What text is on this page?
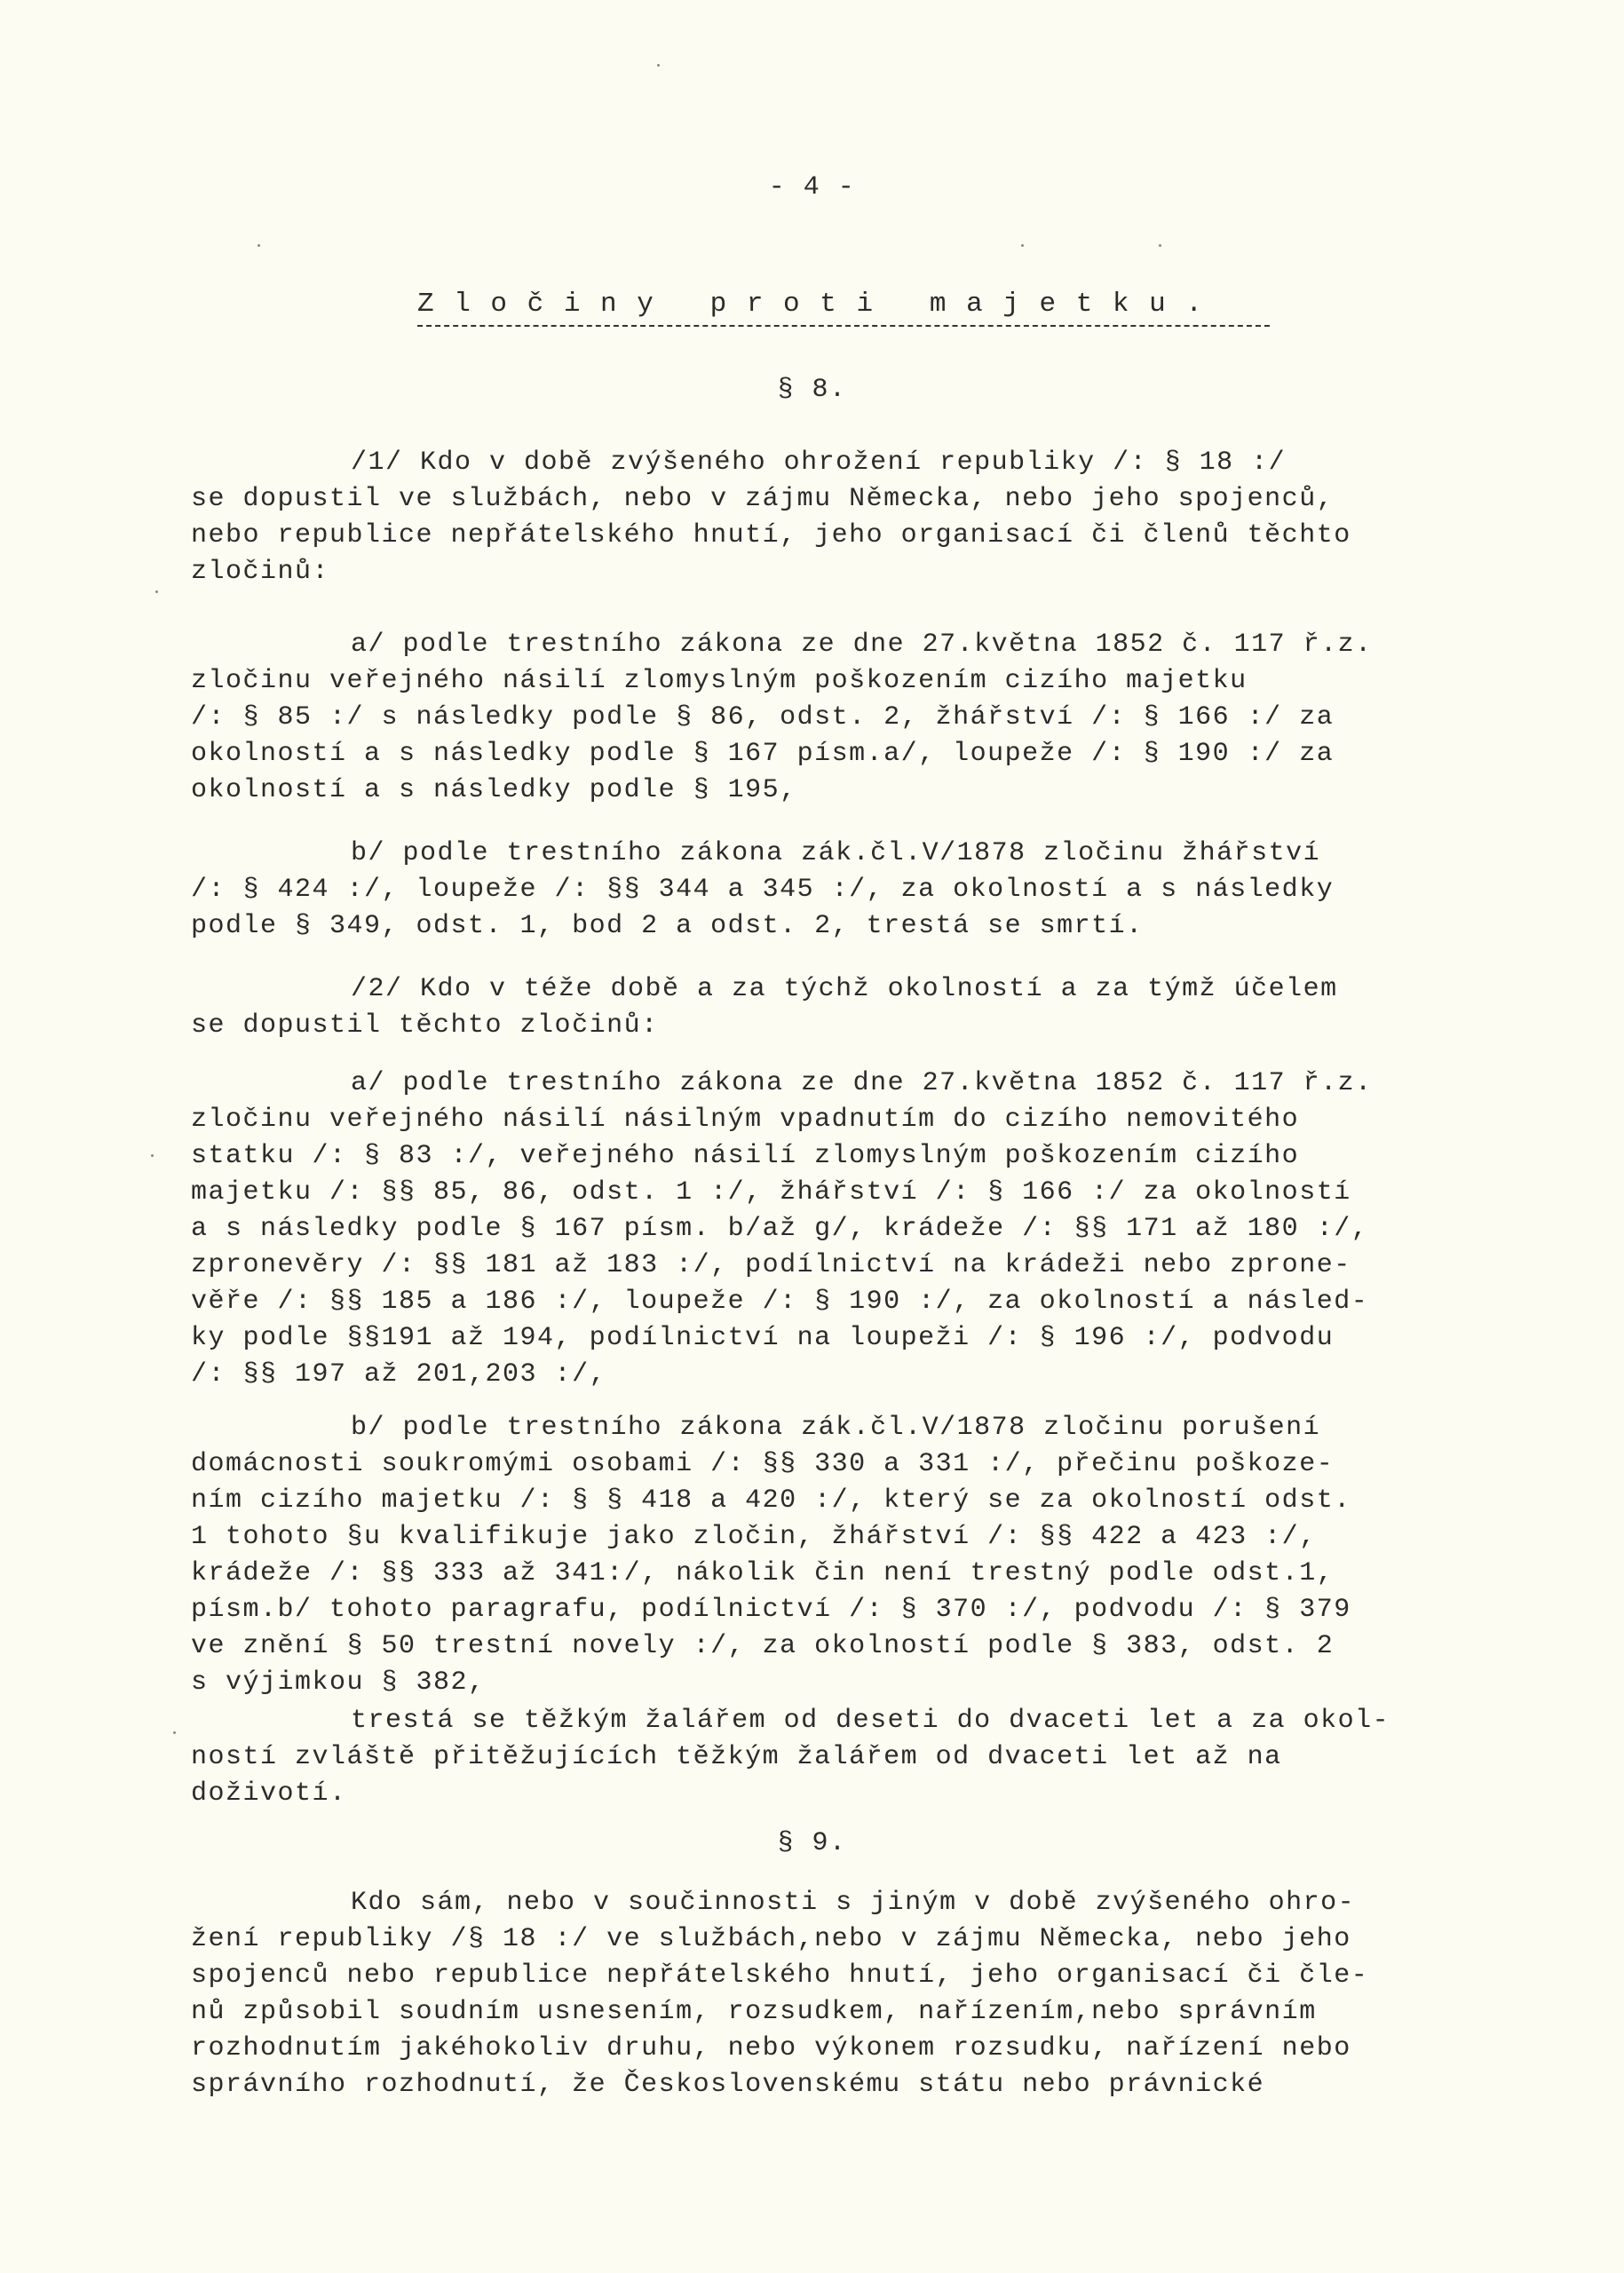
- 4 -
Z l o č i n y   p r o t i   m a j e t k u .
§ 8.
/1/ Kdo v době zvýšeného ohrožení republiky /: § 18 :/
se dopustil ve službách, nebo v zájmu Německa, nebo jeho spojenců,
nebo republice nepřátelského hnutí, jeho organisací či členů těchto
zločinů:
a/ podle trestního zákona ze dne 27.května 1852 č. 117 ř.z.
zločinu veřejného násilí zlomyslným poškozením cizího majetku
/: § 85 :/ s následky podle § 86, odst. 2, žhářství /: § 166 :/ za
okolností a s následky podle § 167 písm.a/, loupeže /: § 190 :/ za
okolností a s následky podle § 195,
b/ podle trestního zákona zák.čl.V/1878 zločinu žhářství
/: § 424 :/, loupeže /: §§ 344 a 345 :/, za okolností a s následky
podle § 349, odst. 1, bod 2 a odst. 2, trestá se smrtí.
/2/ Kdo v téže době a za týchž okolností a za týmž účelem
se dopustil těchto zločinů:
a/ podle trestního zákona ze dne 27.května 1852 č. 117 ř.z.
zločinu veřejného násilí násilným vpadnutím do cizího nemovitého
statku /: § 83 :/, veřejného násilí zlomyslným poškozením cizího
majetku /: §§ 85, 86, odst. 1 :/, žhářství /: § 166 :/ za okolností
a s následky podle § 167 písm. b/až g/, krádeže /: §§ 171 až 180 :/,
zpronevěry /: §§ 181 až 183 :/, podílnictví na krádeži nebo zprone-
věře /: §§ 185 a 186 :/, loupeže /: § 190 :/, za okolností a násled-
ky podle §§191 až 194, podílnictví na loupeži /: § 196 :/, podvodu
/: §§ 197 až 201,203 :/,
b/ podle trestního zákona zák.čl.V/1878 zločinu porušení
domácnosti soukromými osobami /: §§ 330 a 331 :/, přečinu poškoze-
ním cizího majetku /: § § 418 a 420 :/, který se za okolností odst.
1 tohoto §u kvalifikuje jako zločin, žhářství /: §§ 422 a 423 :/,
krádeže /: §§ 333 až 341:/, nákolik čin není trestný podle odst.1,
písm.b/ tohoto paragrafu, podílnictví /: § 370 :/, podvodu /: § 379
ve znění § 50 trestní novely :/, za okolností podle § 383, odst. 2
s výjimkou § 382,
trestá se těžkým žalářem od deseti do dvaceti let a za okol-
ností zvláště přitěžujících těžkým žalářem od dvaceti let až na
doživotí.
§ 9.
Kdo sám, nebo v součinnosti s jiným v době zvýšeného ohro-
žení republiky /§ 18 :/ ve službách,nebo v zájmu Německa, nebo jeho
spojenců nebo republice nepřátelského hnutí, jeho organisací či čle-
nů způsobil soudním usnesením, rozsudkem, nařízením,nebo správním
rozhodnutím jakéhokoliv druhu, nebo výkonem rozsudku, nařízení nebo
správního rozhodnutí, že Československému státu nebo právnické
